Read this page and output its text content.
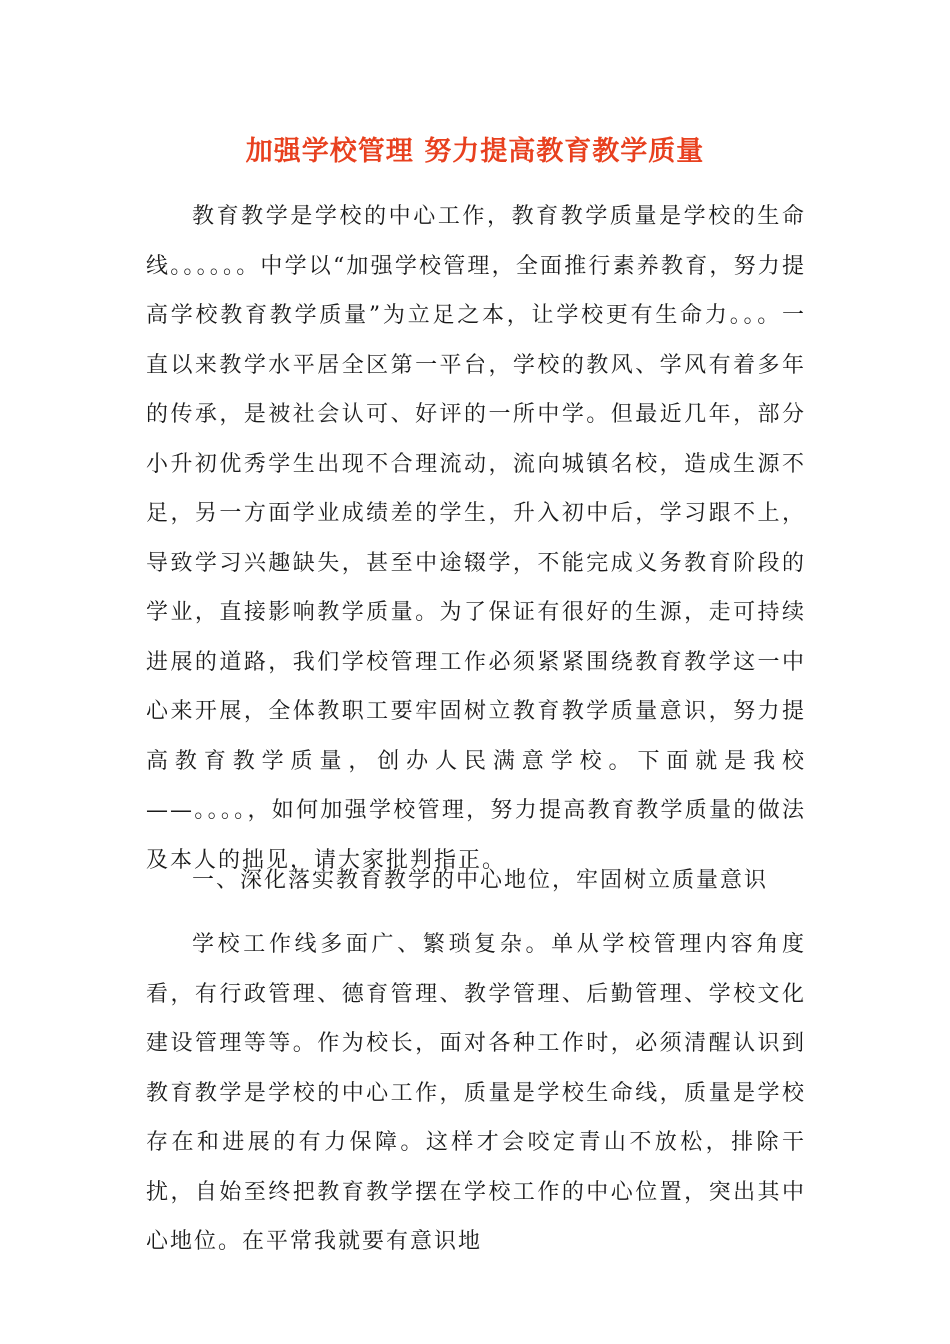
加强学校管理 努力提高教育教学质量

教育教学是学校的中心工作，教育教学质量是学校的生命线。。。。。。中学以“加强学校管理，全面推行素养教育，努力提高学校教育教学质量”为立足之本，让学校更有生命力。。。一直以来教学水平居全区第一平台，学校的教风、学风有着多年的传承，是被社会认可、好评的一所中学。但最近几年，部分小升初优秀学生出现不合理流动，流向城镇名校，造成生源不足，另一方面学业成绩差的学生，升入初中后，学习跟不上，导致学习兴趣缺失，甚至中途辍学，不能完成义务教育阶段的学业，直接影响教学质量。为了保证有很好的生源，走可持续进展的道路，我们学校管理工作必须紧紧围绕教育教学这一中心来开展，全体教职工要牢固树立教育教学质量意识，努力提高教育教学质量，创办人民满意学校。下面就是我校——。。。。，如何加强学校管理，努力提高教育教学质量的做法及本人的拙见，请大家批判指正。

一、深化落实教育教学的中心地位，牢固树立质量意识

学校工作线多面广、繁琐复杂。单从学校管理内容角度看，有行政管理、德育管理、教学管理、后勤管理、学校文化建设管理等等。作为校长，面对各种工作时，必须清醒认识到教育教学是学校的中心工作，质量是学校生命线，质量是学校存在和进展的有力保障。这样才会咬定青山不放松，排除干扰，自始至终把教育教学摆在学校工作的中心位置，突出其中心地位。在平常我就要有意识地
